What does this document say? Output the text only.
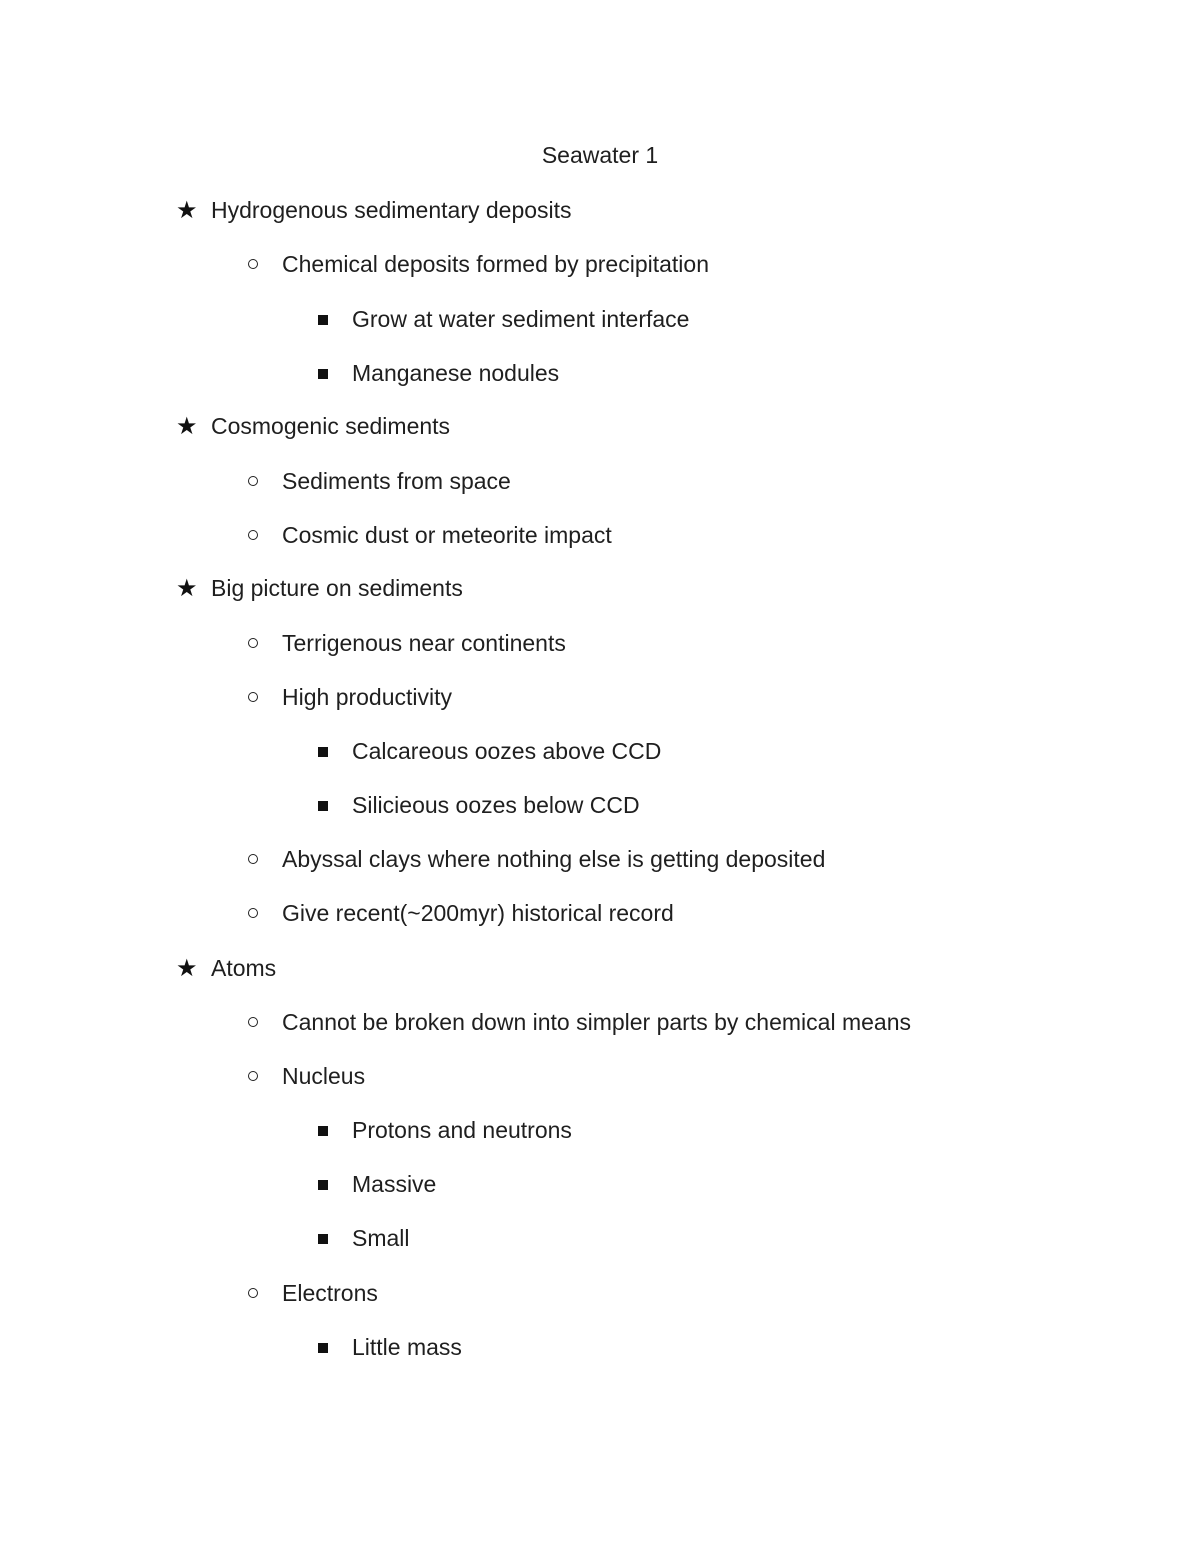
Seawater 1
★ Hydrogenous sedimentary deposits
Chemical deposits formed by precipitation
Grow at water sediment interface
Manganese nodules
★ Cosmogenic sediments
Sediments from space
Cosmic dust or meteorite impact
★ Big picture on sediments
Terrigenous near continents
High productivity
Calcareous oozes above CCD
Silicieous oozes below CCD
Abyssal clays where nothing else is getting deposited
Give recent(~200myr) historical record
★ Atoms
Cannot be broken down into simpler parts by chemical means
Nucleus
Protons and neutrons
Massive
Small
Electrons
Little mass
